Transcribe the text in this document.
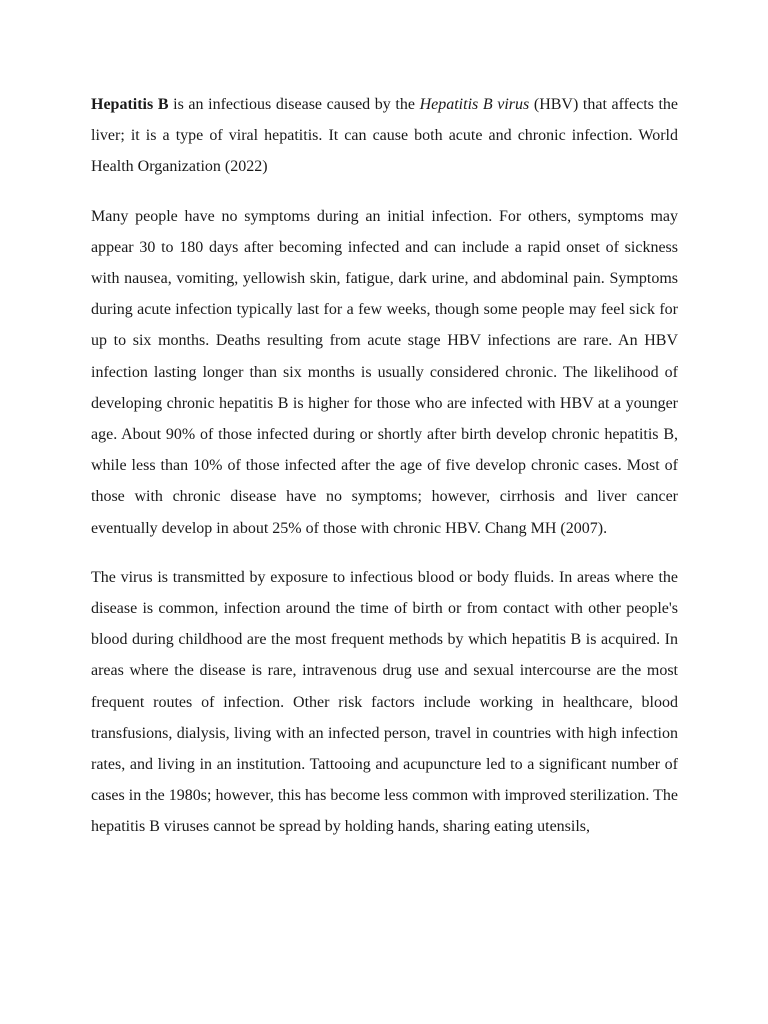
Hepatitis B is an infectious disease caused by the Hepatitis B virus (HBV) that affects the liver; it is a type of viral hepatitis. It can cause both acute and chronic infection. World Health Organization (2022)

Many people have no symptoms during an initial infection. For others, symptoms may appear 30 to 180 days after becoming infected and can include a rapid onset of sickness with nausea, vomiting, yellowish skin, fatigue, dark urine, and abdominal pain. Symptoms during acute infection typically last for a few weeks, though some people may feel sick for up to six months. Deaths resulting from acute stage HBV infections are rare. An HBV infection lasting longer than six months is usually considered chronic. The likelihood of developing chronic hepatitis B is higher for those who are infected with HBV at a younger age. About 90% of those infected during or shortly after birth develop chronic hepatitis B, while less than 10% of those infected after the age of five develop chronic cases. Most of those with chronic disease have no symptoms; however, cirrhosis and liver cancer eventually develop in about 25% of those with chronic HBV. Chang MH (2007).

The virus is transmitted by exposure to infectious blood or body fluids. In areas where the disease is common, infection around the time of birth or from contact with other people's blood during childhood are the most frequent methods by which hepatitis B is acquired. In areas where the disease is rare, intravenous drug use and sexual intercourse are the most frequent routes of infection. Other risk factors include working in healthcare, blood transfusions, dialysis, living with an infected person, travel in countries with high infection rates, and living in an institution. Tattooing and acupuncture led to a significant number of cases in the 1980s; however, this has become less common with improved sterilization. The hepatitis B viruses cannot be spread by holding hands, sharing eating utensils,
